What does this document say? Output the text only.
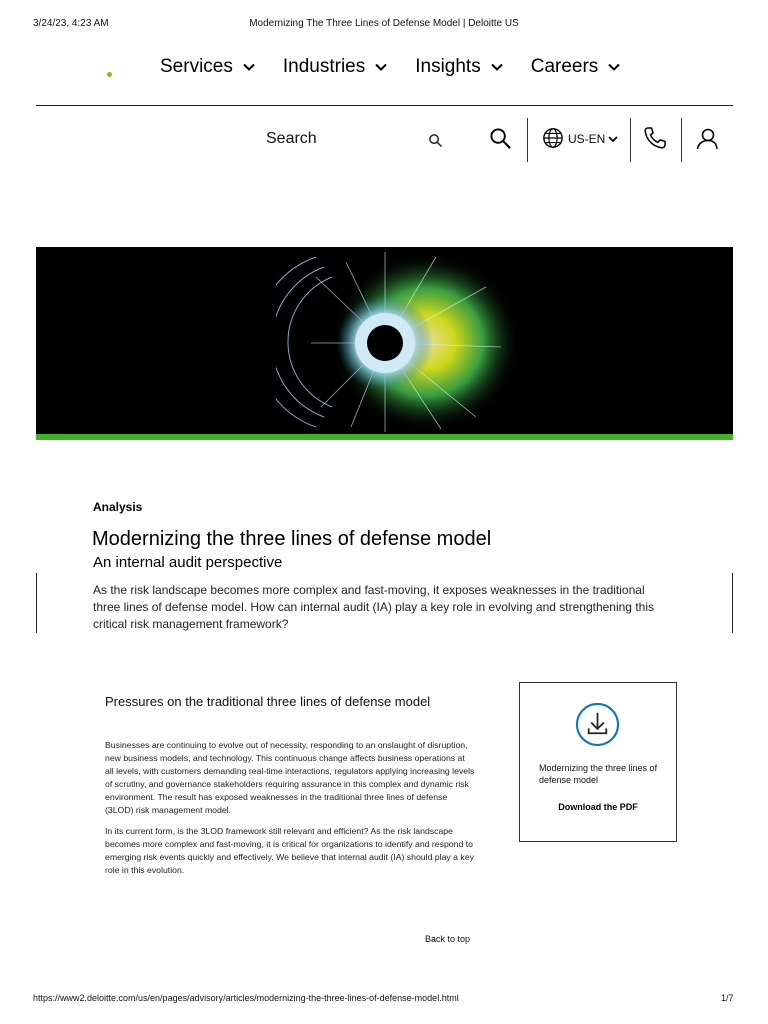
3/24/23, 4:23 AM	Modernizing The Three Lines of Defense Model | Deloitte US
Services	Industries	Insights	Careers
Search	US-EN
Analysis
Modernizing the three lines of defense model
An internal audit perspective

As the risk landscape becomes more complex and fast-moving, it exposes weaknesses in the traditional three lines of defense model. How can internal audit (IA) play a key role in evolving and strengthening this critical risk management framework?

Pressures on the traditional three lines of defense model

Businesses are continuing to evolve out of necessity, responding to an onslaught of disruption, new business models, and technology. This continuous change affects business operations at all levels, with customers demanding real-time interactions, regulators applying increasing levels of scrutiny, and governance stakeholders requiring assurance in this complex and dynamic risk environment. The result has exposed weaknesses in the traditional three lines of defense (3LOD) risk management model.

In its current form, is the 3LOD framework still relevant and efficient? As the risk landscape becomes more complex and fast-moving, it is critical for organizations to identify and respond to emerging risk events quickly and effectively. We believe that internal audit (IA) should play a key role in this evolution.

Modernizing the three lines of defense model
Download the PDF
Back to top
https://www2.deloitte.com/us/en/pages/advisory/articles/modernizing-the-three-lines-of-defense-model.html	1/7
